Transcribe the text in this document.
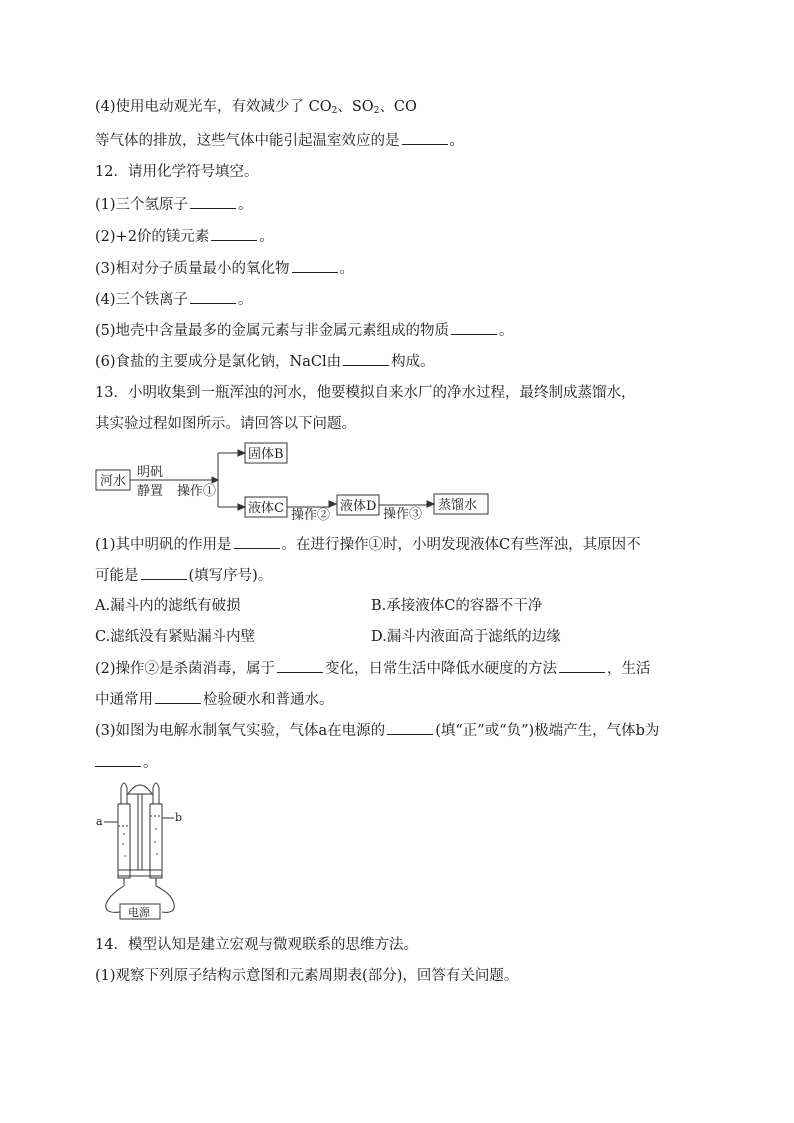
(4)使用电动观光车，有效减少了 $CO_2$、$SO_2$、CO
等气体的排放，这些气体中能引起温室效应的是	。
12．请用化学符号填空。
(1)三个氢原子	。
(2)+2价的镁元素	。
(3)相对分子质量最小的氧化物	。
(4)三个铁离子	。
(5)地壳中含量最多的金属元素与非金属元素组成的物质	。
(6)食盐的主要成分是氯化钠，NaCl由	构成。
13．小明收集到一瓶浑浊的河水，他要模拟自来水厂的净水过程，最终制成蒸馏水，
其实验过程如图所示。请回答以下问题。
河水
明矾
静置 操作①
固体B
液体C 操作②
液体D
操作③
蒸馏水
(1)其中明矾的作用是	。在进行操作①时，小明发现液体C有些浑浊，其原因不
可能是	(填写序号)。
A.漏斗内的滤纸有破损	B.承接液体C的容器不干净
C.滤纸没有紧贴漏斗内壁	D.漏斗内液面高于滤纸的边缘
(2)操作②是杀菌消毒，属于	变化，日常生活中降低水硬度的方法	，生活
中通常用	检验硬水和普通水。
(3)如图为电解水制氧气实验，气体a在电源的	(填“正”或“负”)极端产生，气体b为
。
a	b
电源
14．模型认知是建立宏观与微观联系的思维方法。
(1)观察下列原子结构示意图和元素周期表(部分)，回答有关问题。
